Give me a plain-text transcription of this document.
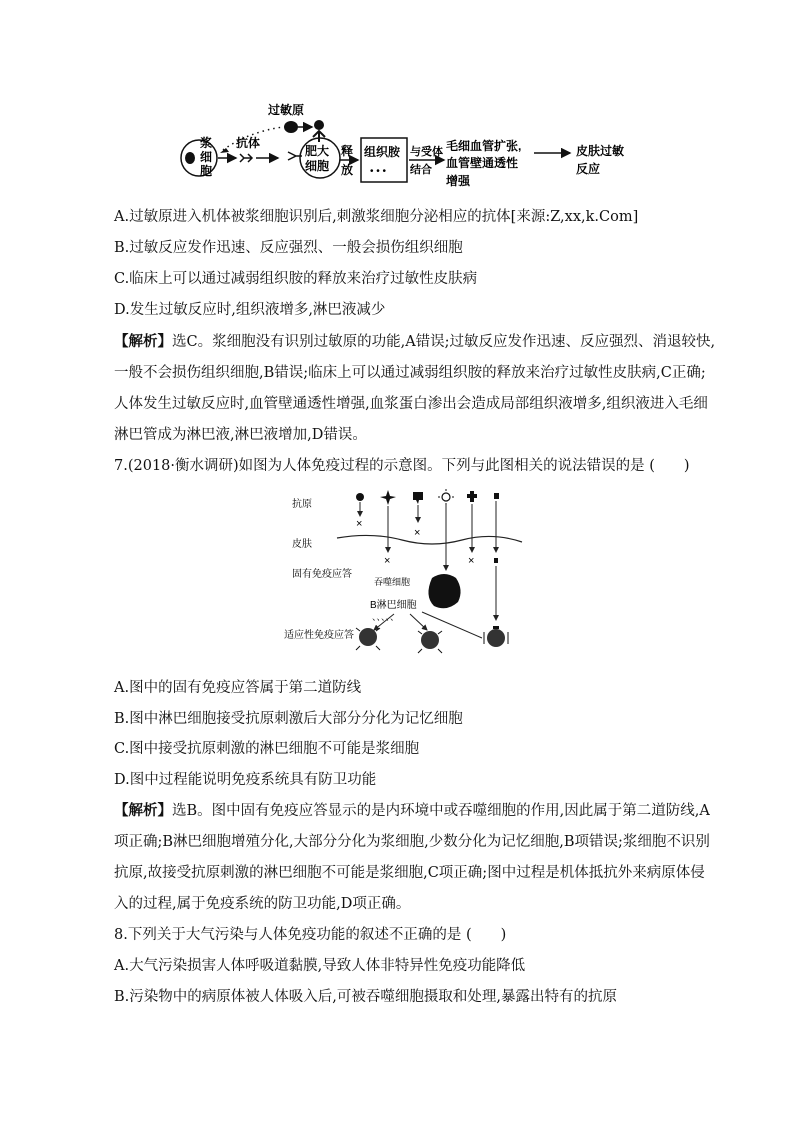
过敏原
浆
细
胞
抗体
肥大
细胞
释
放
组织胺
• • •
与受体
结合
毛细血管扩张,
血管壁通透性
增强
皮肤过敏
反应
A.过敏原进入机体被浆细胞识别后,刺激浆细胞分泌相应的抗体[来源:Z,xx,k.Com]
B.过敏反应发作迅速、反应强烈、一般会损伤组织细胞
C.临床上可以通过减弱组织胺的释放来治疗过敏性皮肤病
D.发生过敏反应时,组织液增多,淋巴液减少
【解析】选C。浆细胞没有识别过敏原的功能,A错误;过敏反应发作迅速、反应强烈、消退较快,
一般不会损伤组织细胞,B错误;临床上可以通过减弱组织胺的释放来治疗过敏性皮肤病,C正确;
人体发生过敏反应时,血管壁通透性增强,血浆蛋白渗出会造成局部组织液增多,组织液进入毛细
淋巴管成为淋巴液,淋巴液增加,D错误。
7.(2018·衡水调研)如图为人体免疫过程的示意图。下列与此图相关的说法错误的是 (　　)
抗原
皮肤
固有免疫应答
适应性免疫应答
×
×
×
×
吞噬细胞
B淋巴细胞
、、、、、
A.图中的固有免疫应答属于第二道防线
B.图中淋巴细胞接受抗原刺激后大部分分化为记忆细胞
C.图中接受抗原刺激的淋巴细胞不可能是浆细胞
D.图中过程能说明免疫系统具有防卫功能
【解析】选B。图中固有免疫应答显示的是内环境中或吞噬细胞的作用,因此属于第二道防线,A
项正确;B淋巴细胞增殖分化,大部分分化为浆细胞,少数分化为记忆细胞,B项错误;浆细胞不识别
抗原,故接受抗原刺激的淋巴细胞不可能是浆细胞,C项正确;图中过程是机体抵抗外来病原体侵
入的过程,属于免疫系统的防卫功能,D项正确。
8.下列关于大气污染与人体免疫功能的叙述不正确的是 (　　)
A.大气污染损害人体呼吸道黏膜,导致人体非特异性免疫功能降低
B.污染物中的病原体被人体吸入后,可被吞噬细胞摄取和处理,暴露出特有的抗原
